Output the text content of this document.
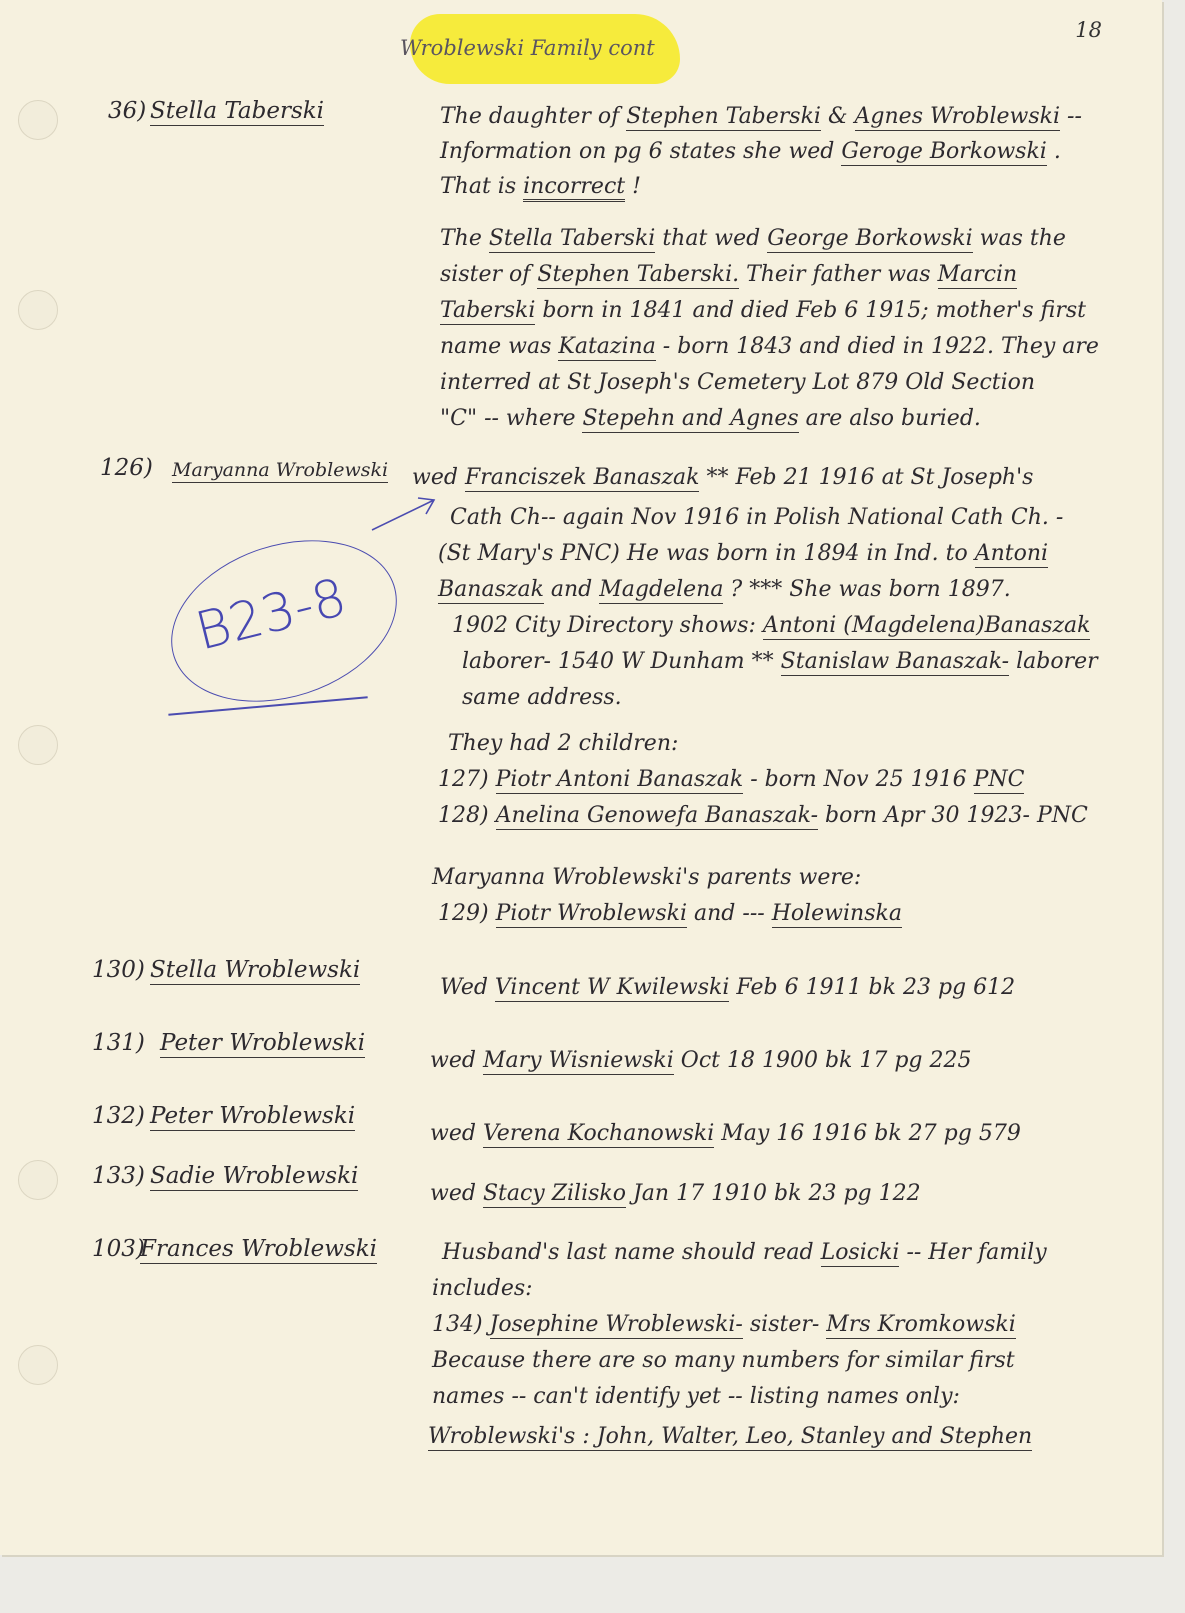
Wroblewski Family cont
18
B23-8
36) Stella Taberski	The daughter of Stephen Taberski & Agnes Wroblewski --
Information on pg 6 states she wed Geroge Borkowski .
That is incorrect !
The Stella Taberski that wed George Borkowski was the
sister of Stephen Taberski. Their father was Marcin
Taberski born in 1841 and died Feb 6 1915; mother's first
name was Katazina - born 1843 and died in 1922. They are
interred at St Joseph's Cemetery Lot 879 Old Section
"C" -- where Stepehn and Agnes are also buried.
126) Maryanna Wroblewski wed Franciszek Banaszak ** Feb 21 1916 at St Joseph's
Cath Ch-- again Nov 1916 in Polish National Cath Ch. -
(St Mary's PNC) He was born in 1894 in Ind. to Antoni
Banaszak and Magdelena ? *** She was born 1897.
1902 City Directory shows: Antoni (Magdelena)Banaszak
laborer- 1540 W Dunham ** Stanislaw Banaszak- laborer
same address.
They had 2 children:
127) Piotr Antoni Banaszak - born Nov 25 1916 PNC
128) Anelina Genowefa Banaszak- born Apr 30 1923- PNC
Maryanna Wroblewski's parents were:
129) Piotr Wroblewski and --- Holewinska
130) Stella Wroblewski
Wed Vincent W Kwilewski Feb 6 1911 bk 23 pg 612
131) Peter Wroblewski
wed Mary Wisniewski Oct 18 1900 bk 17 pg 225
132) Peter Wroblewski
wed Verena Kochanowski May 16 1916 bk 27 pg 579
133) Sadie Wroblewski
wed Stacy Zilisko Jan 17 1910 bk 23 pg 122
103)
Frances Wroblewski	Husband's last name should read Losicki -- Her family
includes:
134) Josephine Wroblewski- sister- Mrs Kromkowski
Because there are so many numbers for similar first
names -- can't identify yet -- listing names only:
Wroblewski's : John, Walter, Leo, Stanley and Stephen
